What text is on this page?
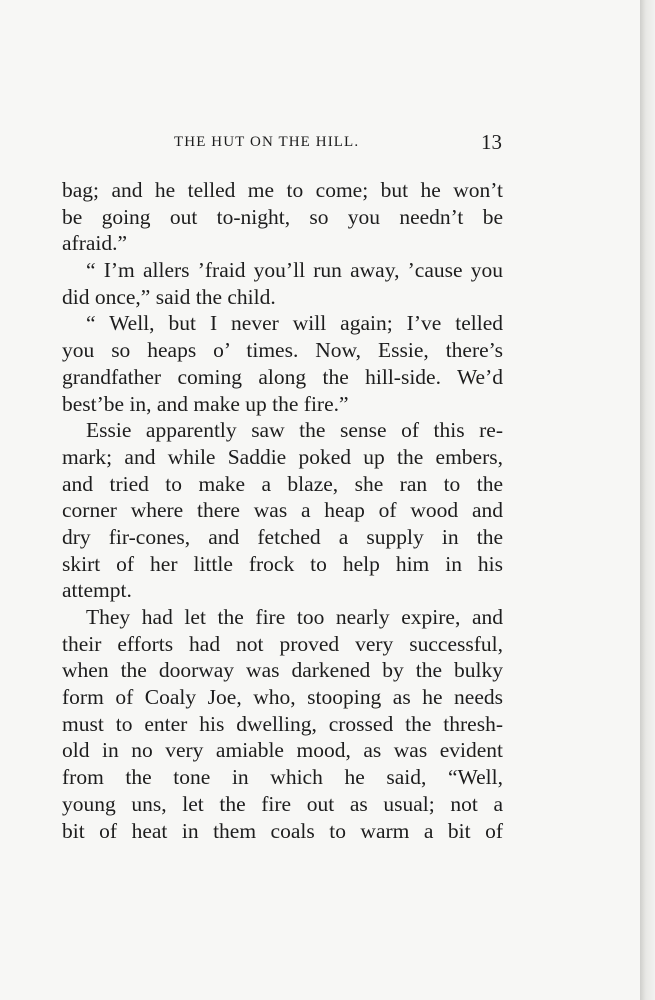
THE HUT ON THE HILL.	13
bag; and he telled me to come; but he won’t
be going out to-night, so you needn’t be
afraid.”
“ I’m allers ’fraid you’ll run away, ’cause you
did once,” said the child.
“ Well, but I never will again; I’ve telled
you so heaps o’ times. Now, Essie, there’s
grandfather coming along the hill-side. We’d
best’be in, and make up the fire.”
Essie apparently saw the sense of this re-
mark; and while Saddie poked up the embers,
and tried to make a blaze, she ran to the
corner where there was a heap of wood and
dry fir-cones, and fetched a supply in the
skirt of her little frock to help him in his
attempt.
They had let the fire too nearly expire, and
their efforts had not proved very successful,
when the doorway was darkened by the bulky
form of Coaly Joe, who, stooping as he needs
must to enter his dwelling, crossed the thresh-
old in no very amiable mood, as was evident
from the tone in which he said, “Well,
young uns, let the fire out as usual; not a
bit of heat in them coals to warm a bit of
